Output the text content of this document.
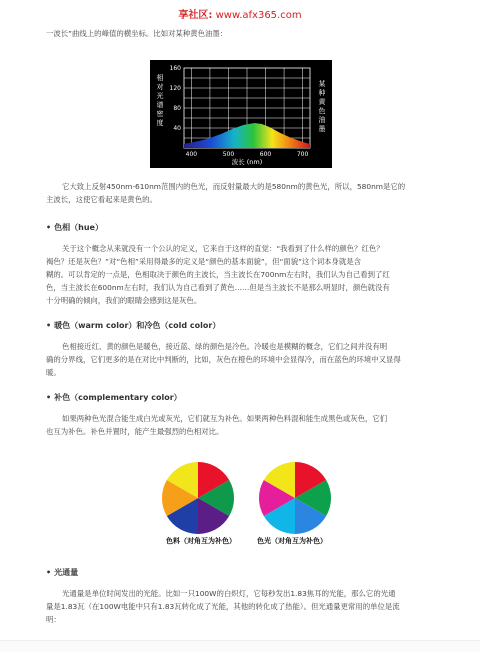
享社区: www.afx365.com
一波长”曲线上的峰值的横坐标。比如对某种黄色油墨：
相
对
光
谱
密
度
某
种
黄
色
油
墨
40
80
120
160
400	500	600	700
波长 (nm)
它大致上反射450nm-610nm范围内的色光，而反射量最大的是580nm的黄色光，所以，580nm是它的
主波长，这使它看起来是黄色的。
• 色相（hue）
关于这个概念从来就没有一个公认的定义，它来自于这样的直觉：“我看到了什么样的颜色？红色？
褐色？还是灰色？”对“色相”采用得最多的定义是“颜色的基本面貌”，但“面貌”这个词本身就是含
糊的。可以肯定的一点是，色相取决于颜色的主波长，当主波长在700nm左右时，我们认为自己看到了红
色，当主波长在600nm左右时，我们认为自己看到了黄色……但是当主波长不是那么明显时，颜色就没有
十分明确的倾向，我们的眼睛会感到这是灰色。
• 暖色（warm color）和冷色（cold color）
色相接近红、黄的颜色是暖色，接近蓝、绿的颜色是冷色。冷暖也是模糊的概念，它们之间并没有明
确的分界线，它们更多的是在对比中判断的，比如，灰色在橙色的环境中会显得冷，而在蓝色的环境中又显得
暖。
• 补色（complementary color）
如果两种色光混合能生成白光或灰光，它们就互为补色。如果两种色料混和能生成黑色或灰色，它们
也互为补色。补色并置时，能产生最强烈的色相对比。
色料（对角互为补色）	色光（对角互为补色）
• 光通量
光通量是单位时间发出的光能。比如一只100W的白炽灯，它每秒发出1.83焦耳的光能，那么它的光通
量是1.83瓦（在100W电能中只有1.83瓦转化成了光能，其他的转化成了热能）。但光通量更常用的单位是流
明：
